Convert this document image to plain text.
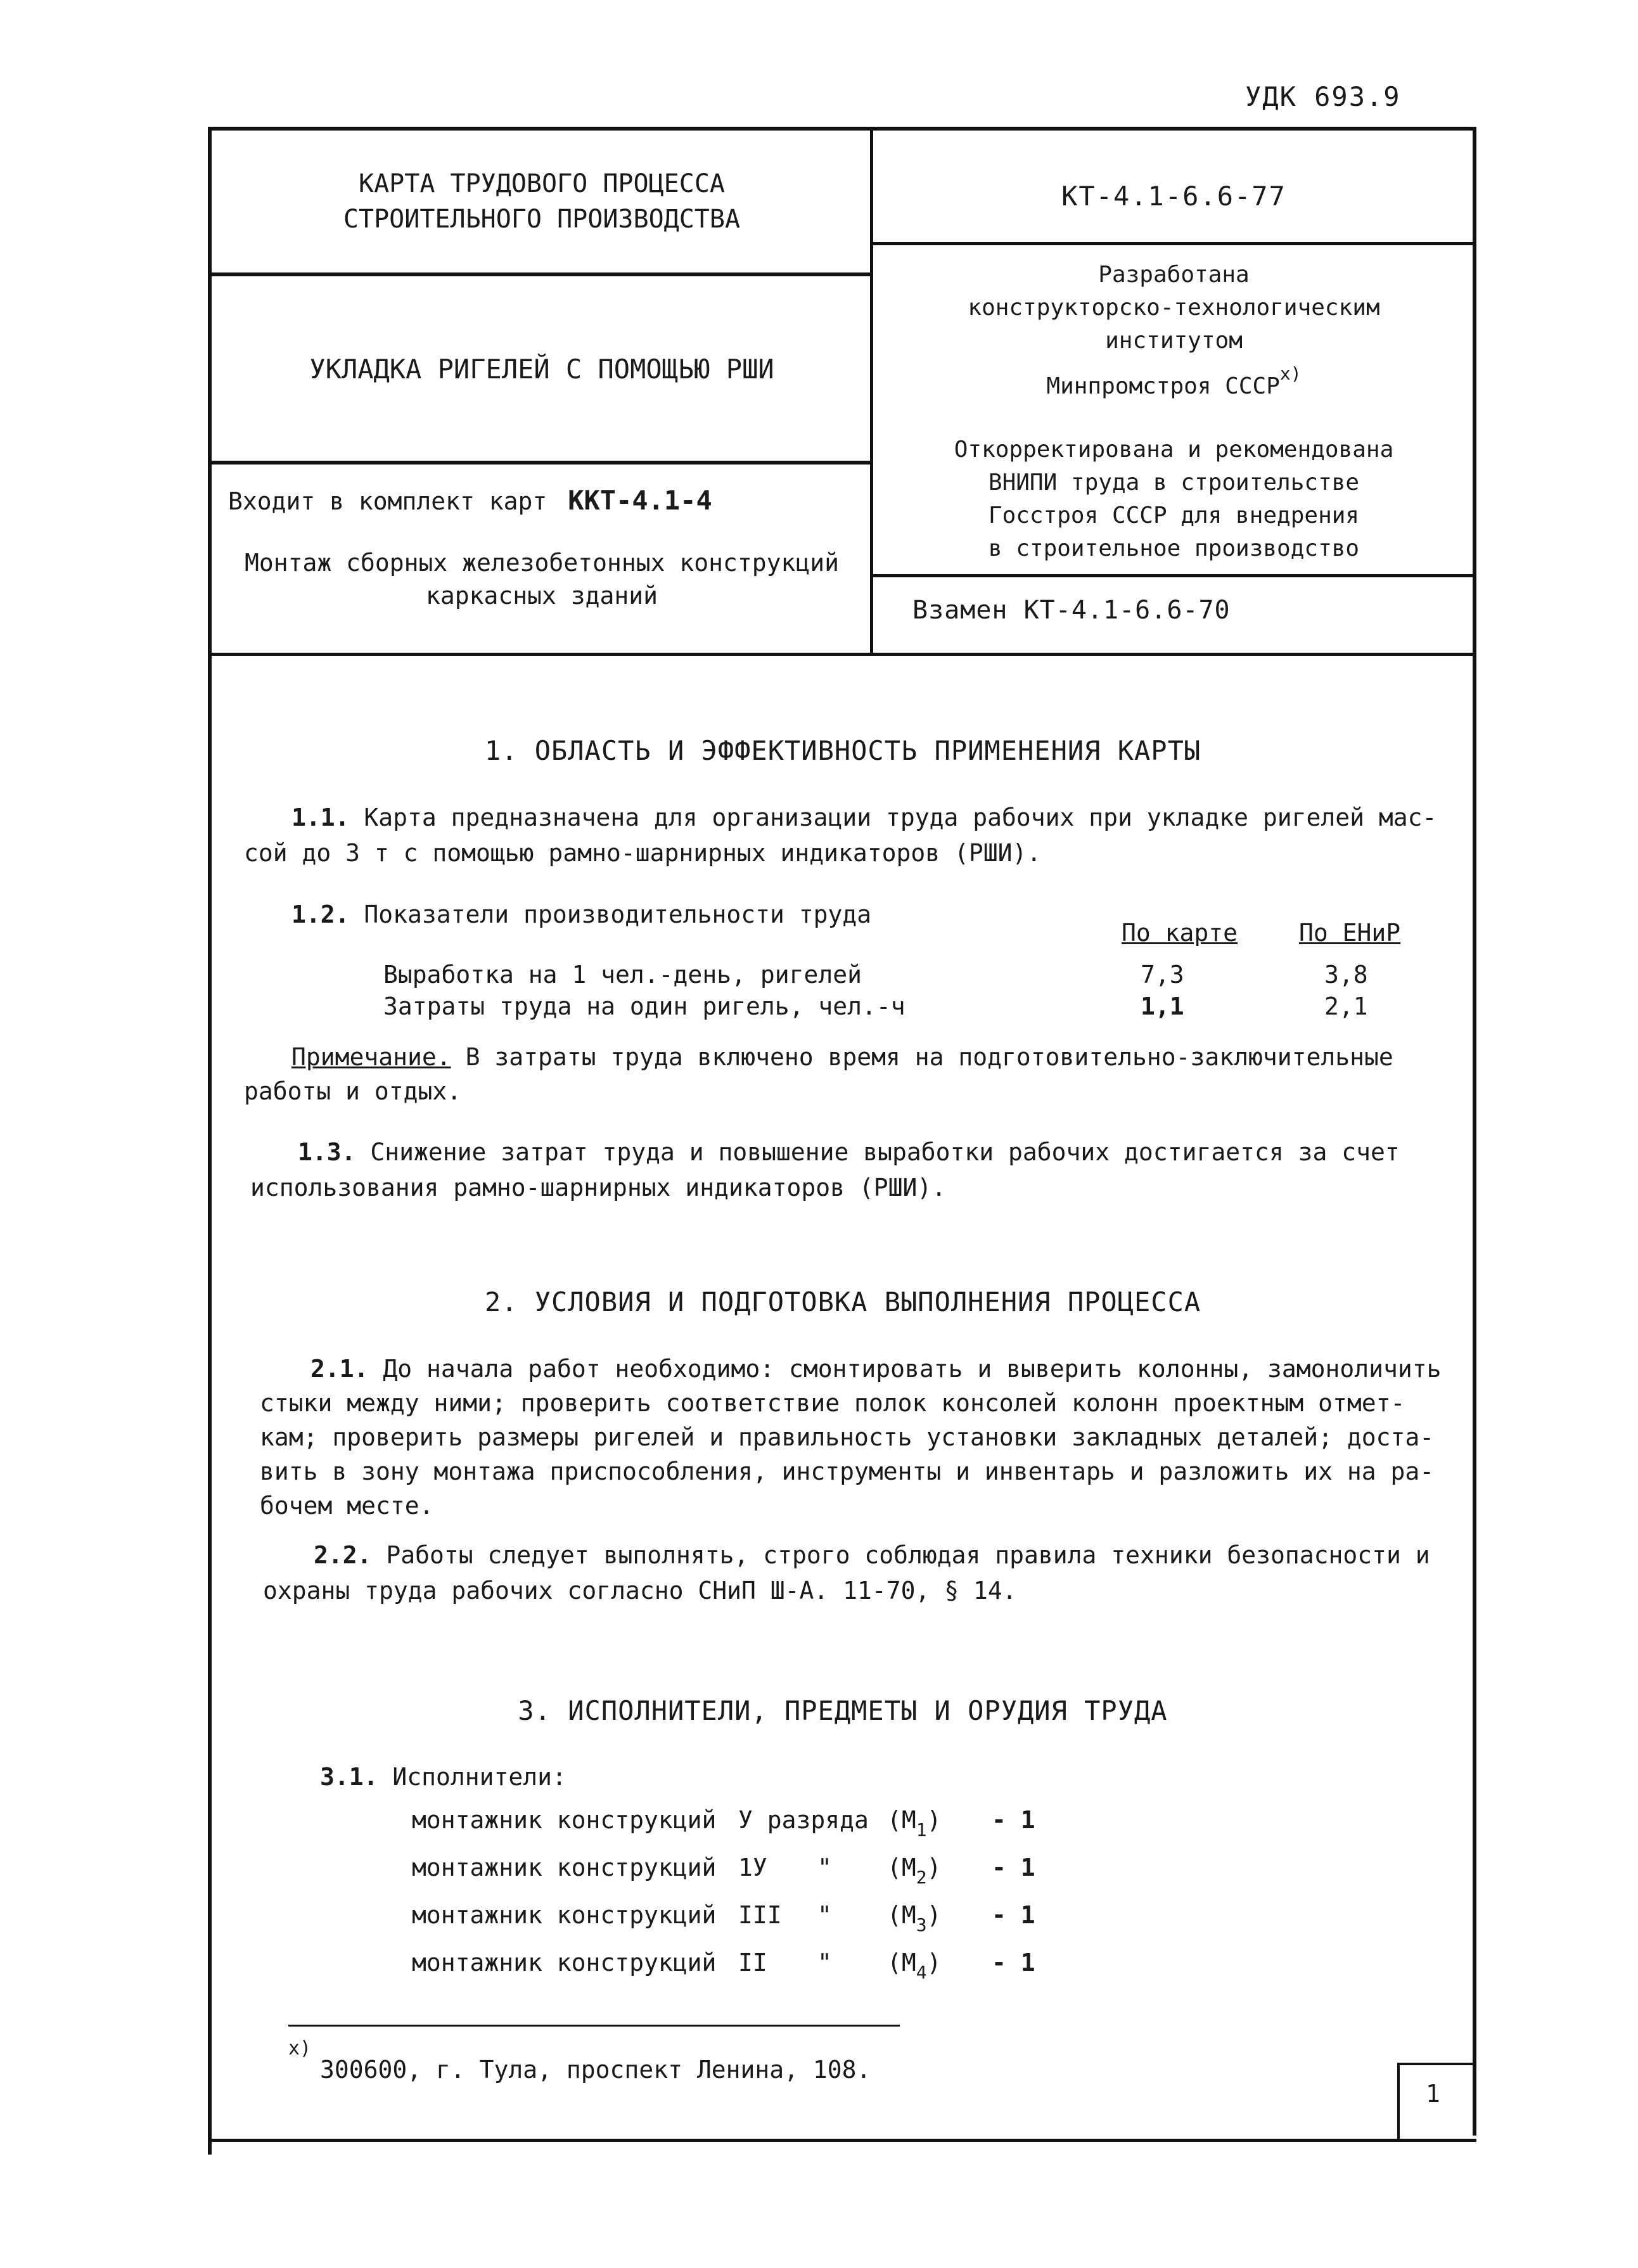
УДК 693.9
КАРТА ТРУДОВОГО ПРОЦЕССА
СТРОИТЕЛЬНОГО ПРОИЗВОДСТВА
УКЛАДКА РИГЕЛЕЙ С ПОМОЩЬЮ РШИ
Входит в комплект карт ККТ-4.1-4
Монтаж сборных железобетонных конструкций
каркасных зданий
КТ-4.1-6.6-77
Разработана
конструкторско-технологическим
институтом
Минпромстроя СССР$^{x)}$
Откорректирована и рекомендована
ВНИПИ труда в строительстве
Госстроя СССР для внедрения
в строительное производство
Взамен КТ-4.1-6.6-70
1. ОБЛАСТЬ И ЭФФЕКТИВНОСТЬ ПРИМЕНЕНИЯ КАРТЫ
1.1. Карта предназначена для организации труда рабочих при укладке ригелей мас-
сой до 3 т с помощью рамно-шарнирных индикаторов (РШИ).
1.2. Показатели производительности труда
По карте	По ЕНиР
Выработка на 1 чел.-день, ригелей	7,3	3,8
Затраты труда на один ригель, чел.-ч	1,1	2,1
Примечание. В затраты труда включено время на подготовительно-заключительные
работы и отдых.
1.3. Снижение затрат труда и повышение выработки рабочих достигается за счет
использования рамно-шарнирных индикаторов (РШИ).
2. УСЛОВИЯ И ПОДГОТОВКА ВЫПОЛНЕНИЯ ПРОЦЕССА
2.1. До начала работ необходимо: смонтировать и выверить колонны, замоноличить
стыки между ними; проверить соответствие полок консолей колонн проектным отмет-
кам; проверить размеры ригелей и правильность установки закладных деталей; доста-
вить в зону монтажа приспособления, инструменты и инвентарь и разложить их на ра-
бочем месте.
2.2. Работы следует выполнять, строго соблюдая правила техники безопасности и
охраны труда рабочих согласно СНиП Ш-А. 11-70, § 14.
3. ИСПОЛНИТЕЛИ, ПРЕДМЕТЫ И ОРУДИЯ ТРУДА
3.1. Исполнители:
монтажник конструкций У разряда $(М_1) - 1$
монтажник конструкций 1У " $(М_2) - 1$
монтажник конструкций III " $(М_3) - 1$
монтажник конструкций II " $(М_4) - 1$
x)
300600, г. Тула, проспект Ленина, 108.
1
